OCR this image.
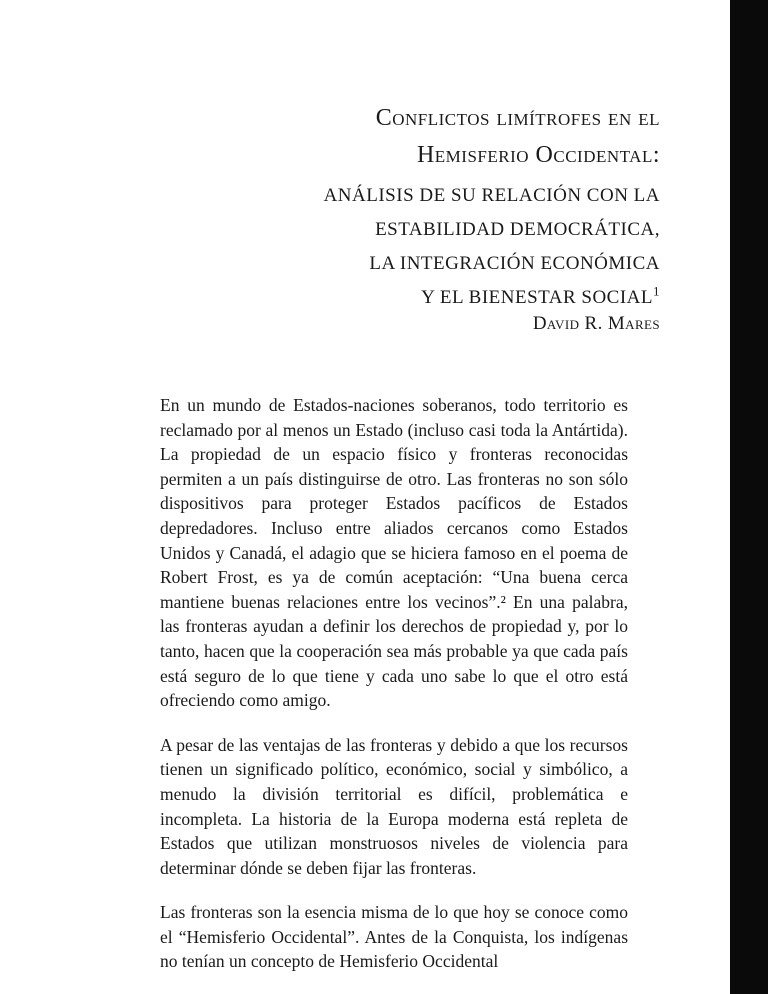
Conflictos limítrofes en el
Hemisferio Occidental:
ANÁLISIS DE SU RELACIÓN CON LA
ESTABILIDAD DEMOCRÁTICA,
LA INTEGRACIÓN ECONÓMICA
Y EL BIENESTAR SOCIAL$^1$
David R. Mares

En un mundo de Estados-naciones soberanos, todo territorio es reclamado por al menos un Estado (incluso casi toda la Antártida). La propiedad de un espacio físico y fronteras reconocidas permiten a un país distinguirse de otro. Las fronteras no son sólo dispositivos para proteger Estados pacíficos de Estados depredadores. Incluso entre aliados cercanos como Estados Unidos y Canadá, el adagio que se hiciera famoso en el poema de Robert Frost, es ya de común aceptación: “Una buena cerca mantiene buenas relaciones entre los vecinos”.² En una palabra, las fronteras ayudan a definir los derechos de propiedad y, por lo tanto, hacen que la cooperación sea más probable ya que cada país está seguro de lo que tiene y cada uno sabe lo que el otro está ofreciendo como amigo.

A pesar de las ventajas de las fronteras y debido a que los recursos tienen un significado político, económico, social y simbólico, a menudo la división territorial es difícil, problemática e incompleta. La historia de la Europa moderna está repleta de Estados que utilizan monstruosos niveles de violencia para determinar dónde se deben fijar las fronteras.

Las fronteras son la esencia misma de lo que hoy se conoce como el “Hemisferio Occidental”. Antes de la Conquista, los indígenas no tenían un concepto de Hemisferio Occidental
